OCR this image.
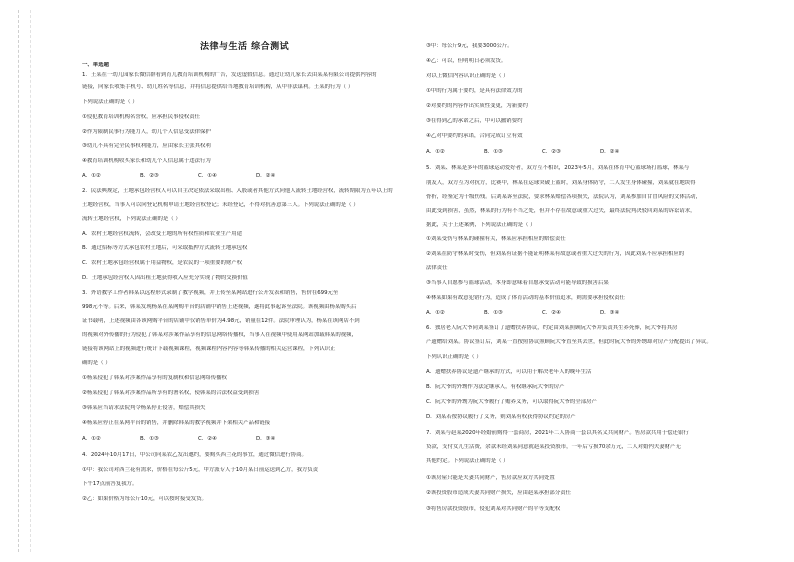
法律与生活 综合测试
一、单选题
1．王某在一幼儿园家长微信群看到育儿教育培训机构的广告，发送虚假信息。通过让幼儿家长去由某某有限公司提供内容的
链接，向家长收集手机号、幼儿姓名等信息，并将信息提供给当地教育培训机构，从中非法谋利。王某的行为（ ）
下列说法正确的是（ ）
①侵犯教育培训机构名誉权，应承担民事侵权责任
②作为限制民事行为能力人，幼儿个人信息受法律保护
③幼儿不具有完全民事权利能力，应由家长主张其权利
④教育培训机构收买家长和幼儿个人信息属于违法行为
A．①②	B．②③	C．①④	D．②④
2．民法典规定，土地承包经营权人可以自主决定依法采取出租、入股或者其他方式向他人流转土地经营权，流转期限为五年以上的
土地经营权，当事人可以向登记机构申请土地经营权登记；未经登记，不得对抗善意第三人。下列说法正确的是（ ）
流转土地经营权，下列说法正确的是（ ）
A．农村土地经营权流转，会改变土地的所有权性质和农业生产用途
B．通过招标等方式承包农村土地后，可采取抵押方式流转土地承包权
C．农村土地承包经营权属于用益物权，是农民的一项重要的财产权
D．土地承包经营权人因出租土地获得收入应充分实现了物的交换价值
3．外语教学工作者韩某以远程形式录制了教学视频，并上传至某网站进行公开发表和销售，售价在699元至
998元不等。后来，韩某发现杨某在某网购平台的店铺中销售上述视频，遂将此事起诉至法院。该视频由杨某购买后
证书载明，上述视频由各该网购平台的店铺中仅销售单价为4.98元，销量在12件。法院审理认为，杨某在该网店不到
的视频对外传播的行为侵犯了韩某对涉案作品享有的信息网络传播权，当事人在视频中使用某网站加载韩某的视频，
链接将该网站上的视频进行统计下载视频课程，视频课程内容内容等韩某传播的相关运营课程，下列认识正
确的是（ ）
①杨某侵犯了韩某对涉案作品享有的复制权和信息网络传播权
②杨某侵犯了韩某对涉案作品所享有的署名权，使韩某的合法权益受到损害
③韩某应当请求法院判令杨某停止侵害，赔偿其损失
④杨某应停止在某网平台的销售，并删除韩某的教学视频并下架相关产品和链接
A．①②	B．①③	C．②④	D．③④
4．2024年10月17日，甲公司向某农乙发出邀约，要购买西兰花的事宜，通过微信进行协商。
①甲：我公司对西兰花有需求，价格在每公斤5元，甲方派专人于10月某日前运送到乙方，我方负责
下午17点前答复我方。
②乙：如果价格为每公斤10元，可以按时接受发货。
③甲：每公斤9元，我要3000公斤。
④乙：可以，但明明日必须发货。
对以上微信内容认识正确的是（ ）
①甲的行为属于要约，是具有法律效力的
②对要约的内容作出实质性变更，为新要约
③在得到乙的承诺之后，甲可以撤销要约
④乙对甲要约的承诺，合同完成订立有效
A．①②	B．①③	C．②③	D．②④
5．刘某、林某是多年的篮球运动爱好者，双方互不相识，2023年5月，刘某在体育中心篮球场打篮球，林某与
朋友人，双方互为对抗方，比赛中，林某在运球突破上篮时，刘某身体防守，二人发生身体碰撞，刘某就在地块得
骨折，经鉴定为十级伤残。后刘某诉至法院，要求林某赔偿各项损失，法院认为，刘某参加自甘冒风险的文体活动，
由此受到损害，虽然，林某的行为有不当之处，但并不存在故意或重大过失，最终法院判决驳回刘某的诉讼请求，
据此，关于上述案例，下列说法正确的是（ ）
①刘某受伤与林某的碰撞有关，林某应承担相应的赔偿责任
②刘某在防守林某时受伤，但刘某有证据不能证明林某有故意或者重大过失的行为，因此刘某不应承担相应的
法律责任
③当事人自愿参与篮球活动，本身即意味着自愿承受活动可能导致的损害后果
④林某如果有故意犯错行为，造成了体育活动的基本价值追求，则需要承担侵权责任
A．①②	B．①③	C．②④	D．③④
6．独居老人阮大爷同刘某签订了遗赠扶养协议，约定由刘某照顾阮大爷并负责其生养死葬，阮大爷将其房
产遗赠给刘某。协议签订后，刘某一直按照协议照顾阮大爷直至其去世，但此时阮大爷的外甥却对房产分配提出了异议。
下列认识正确的是（ ）
A．遗赠扶养协议是遗产继承的方式，可以用于解决老年人的晚年生活
B．阮大爷的外甥作为法定继承人，有权继承阮大爷的房产
C．阮大爷的外甥为阮大爷履行了赡养义务，可以取得阮大爷的全部房产
D．刘某若按协议履行了义务，则刘某有权获得协议约定的房产
7．刘某与赵某2020年经婚前购得一套商房，2021年二人协商一套以其名义共同财产。售房款共用于偿还银行
贷款，支付女儿生活费，余款未经刘某同意就赵某投资股市，一年后亏损70余万元，二人对婚内夫妻财产无
其他约定。下列说法正确的是（ ）
①该房屋只能是夫妻共同财产，售房款应双方共同处置
②该投资股市造成夫妻共同财产损失，应由赵某承担部分责任
③将售房款投资股市，侵犯刘某对共同财产的平等支配权
